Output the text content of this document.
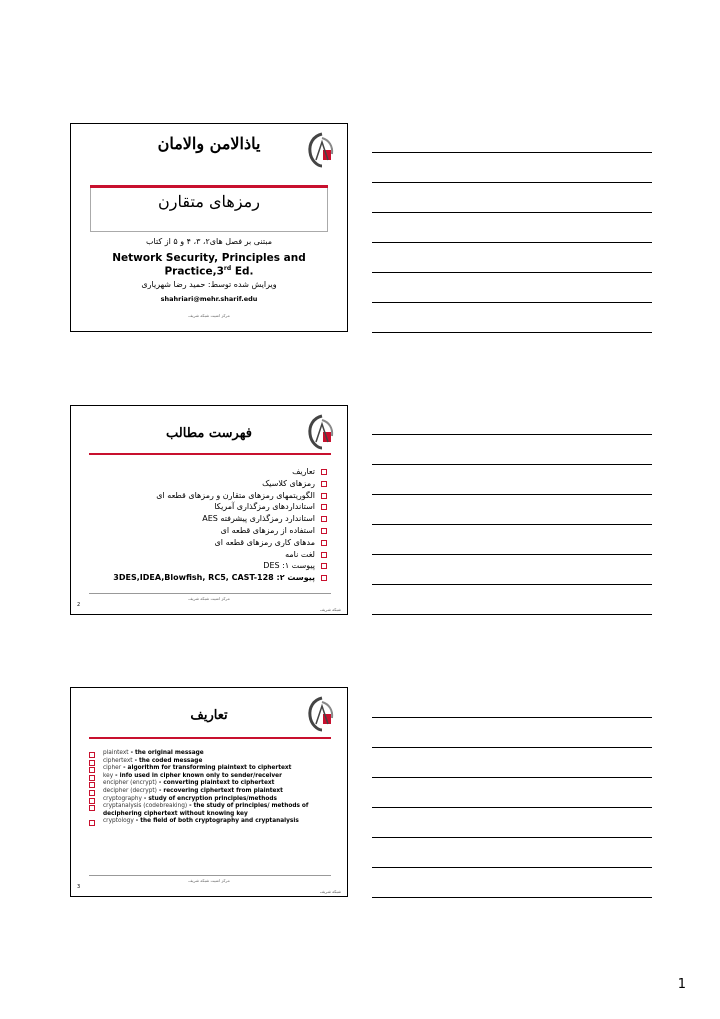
یاذالامن والامان
رمزهای متقارن
مبتنی بر فصل های۲، ۳، ۴ و ۵ از کتاب
Network Security, Principles and
Practice,3rd Ed.
ویرایش شده توسط: حمید رضا شهریاری
shahriari@mehr.sharif.edu
مرکز امنیت شبکه شریف
فهرست مطالب
تعاریف
رمزهای کلاسیک
الگوریتمهای رمزهای متقارن و رمزهای قطعه ای
استانداردهای رمزگذاری آمریکا
استاندارد رمزگذاری پیشرفته AES
استفاده از رمزهای قطعه ای
مدهای کاری رمزهای قطعه ای
لغت نامه
پیوست ۱: DES
پیوست ۲: 3DES,IDEA,Blowfish, RC5, CAST-128
مرکز امنیت شبکه شریف
2
شبکه شریف
تعاریف
plaintext - the original message
ciphertext - the coded message
cipher - algorithm for transforming plaintext to ciphertext
key - info used in cipher known only to sender/receiver
encipher (encrypt) - converting plaintext to ciphertext
decipher (decrypt) - recovering ciphertext from plaintext
cryptography - study of encryption principles/methods
cryptanalysis (codebreaking) - the study of principles/ methods of deciphering ciphertext without knowing key
cryptology - the field of both cryptography and cryptanalysis
مرکز امنیت شبکه شریف
3
شبکه شریف
1
